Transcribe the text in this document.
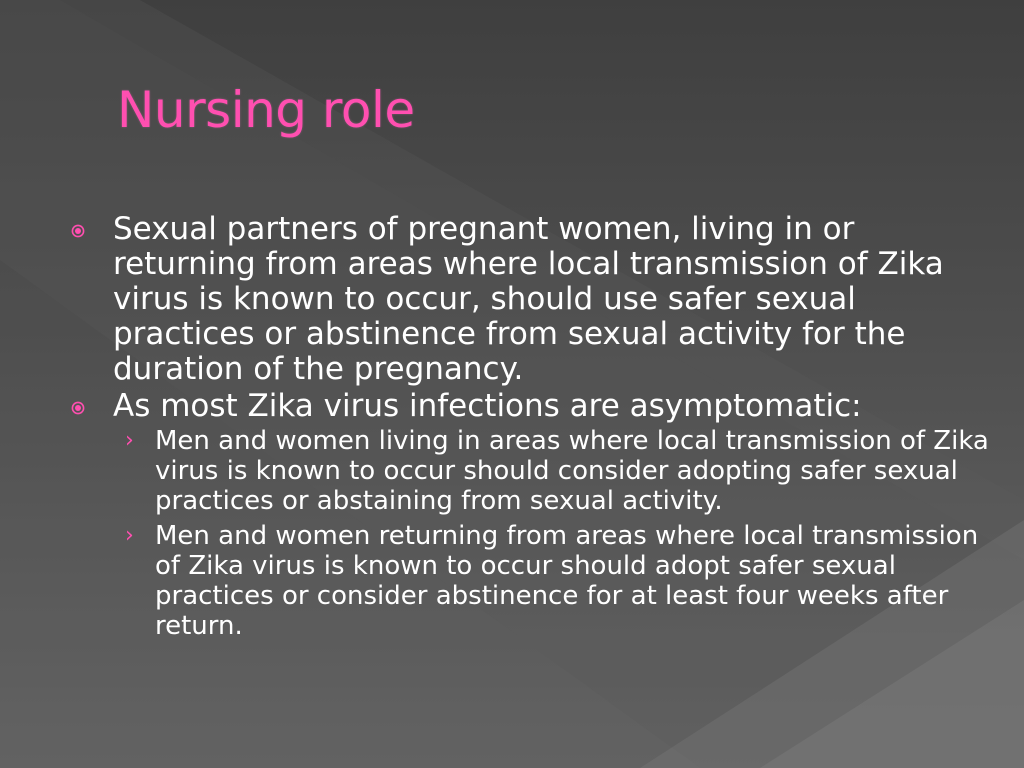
Nursing role
Sexual partners of pregnant women, living in or returning from areas where local transmission of Zika virus is known to occur, should use safer sexual practices or abstinence from sexual activity for the duration of the pregnancy.
As most Zika virus infections are asymptomatic:
› Men and women living in areas where local transmission of Zika virus is known to occur should consider adopting safer sexual practices or abstaining from sexual activity.
› Men and women returning from areas where local transmission of Zika virus is known to occur should adopt safer sexual practices or consider abstinence for at least four weeks after return.
